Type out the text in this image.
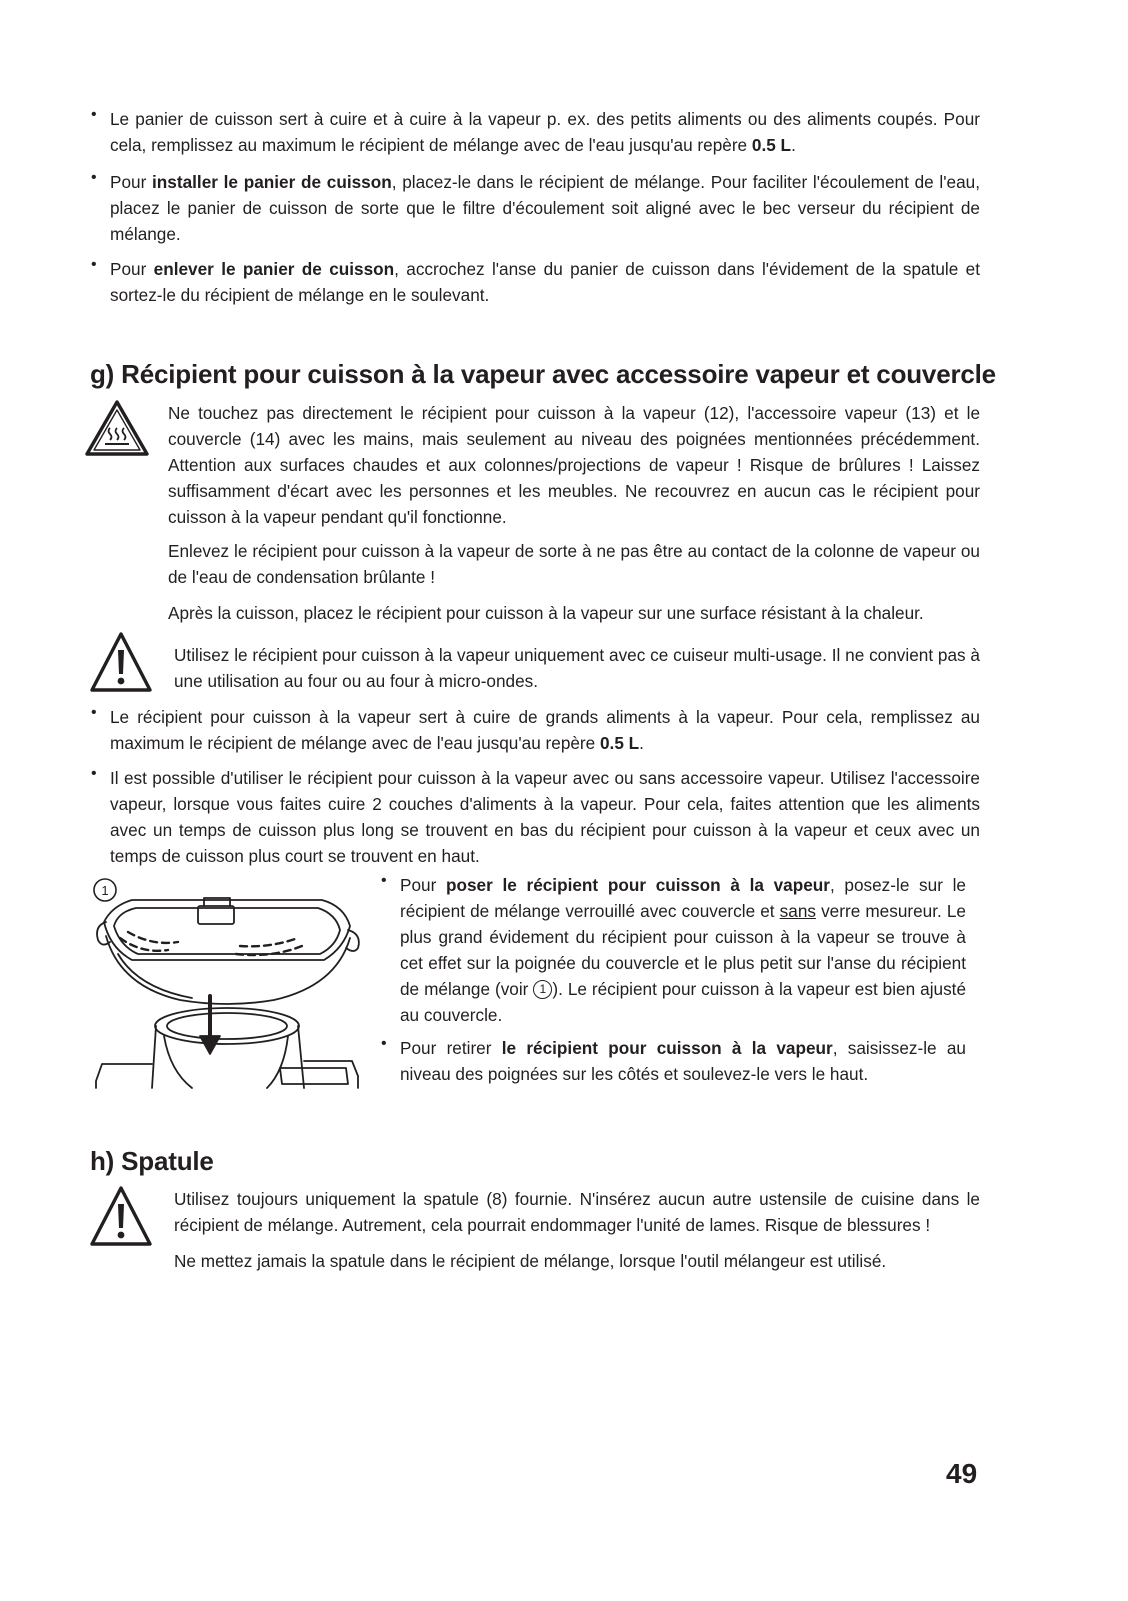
• Le panier de cuisson sert à cuire et à cuire à la vapeur p. ex. des petits aliments ou des aliments coupés. Pour cela, remplissez au maximum le récipient de mélange avec de l'eau jusqu'au repère 0.5 L.
• Pour installer le panier de cuisson, placez-le dans le récipient de mélange. Pour faciliter l'écoulement de l'eau, placez le panier de cuisson de sorte que le filtre d'écoulement soit aligné avec le bec verseur du récipient de mélange.
• Pour enlever le panier de cuisson, accrochez l'anse du panier de cuisson dans l'évidement de la spatule et sortez-le du récipient de mélange en le soulevant.
g) Récipient pour cuisson à la vapeur avec accessoire vapeur et couvercle
Ne touchez pas directement le récipient pour cuisson à la vapeur (12), l'accessoire vapeur (13) et le couvercle (14) avec les mains, mais seulement au niveau des poignées mentionnées précédemment. Attention aux surfaces chaudes et aux colonnes/projections de vapeur ! Risque de brûlures ! Laissez suffisamment d'écart avec les personnes et les meubles. Ne recouvrez en aucun cas le récipient pour cuisson à la vapeur pendant qu'il fonctionne.
Enlevez le récipient pour cuisson à la vapeur de sorte à ne pas être au contact de la colonne de vapeur ou de l'eau de condensation brûlante !
Après la cuisson, placez le récipient pour cuisson à la vapeur sur une surface résistant à la chaleur.
Utilisez le récipient pour cuisson à la vapeur uniquement avec ce cuiseur multi-usage. Il ne convient pas à une utilisation au four ou au four à micro-ondes.
• Le récipient pour cuisson à la vapeur sert à cuire de grands aliments à la vapeur. Pour cela, remplissez au maximum le récipient de mélange avec de l'eau jusqu'au repère 0.5 L.
• Il est possible d'utiliser le récipient pour cuisson à la vapeur avec ou sans accessoire vapeur. Utilisez l'accessoire vapeur, lorsque vous faites cuire 2 couches d'aliments à la vapeur. Pour cela, faites attention que les aliments avec un temps de cuisson plus long se trouvent en bas du récipient pour cuisson à la vapeur et ceux avec un temps de cuisson plus court se trouvent en haut.
1
• Pour poser le récipient pour cuisson à la vapeur, posez-le sur le récipient de mélange verrouillé avec couvercle et sans verre mesureur. Le plus grand évidement du récipient pour cuisson à la vapeur se trouve à cet effet sur la poignée du couvercle et le plus petit sur l'anse du récipient de mélange (voir 1 ). Le récipient pour cuisson à la vapeur est bien ajusté au couvercle.
• Pour retirer le récipient pour cuisson à la vapeur, saisissez-le au niveau des poignées sur les côtés et soulevez-le vers le haut.
h) Spatule
Utilisez toujours uniquement la spatule (8) fournie. N'insérez aucun autre ustensile de cuisine dans le récipient de mélange. Autrement, cela pourrait endommager l'unité de lames. Risque de blessures !
Ne mettez jamais la spatule dans le récipient de mélange, lorsque l'outil mélangeur est utilisé.
49
